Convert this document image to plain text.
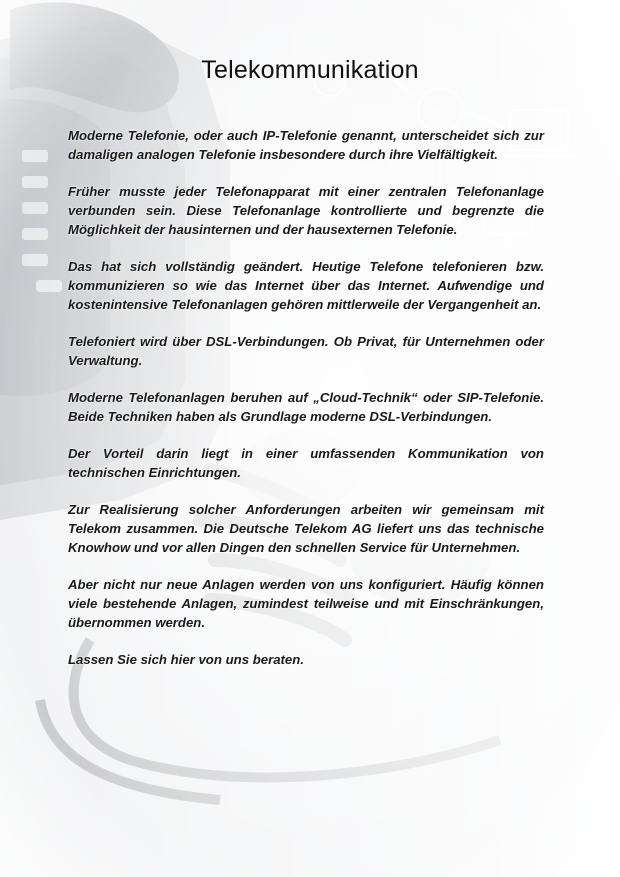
Telekommunikation

Moderne Telefonie, oder auch IP-Telefonie genannt, unterscheidet sich zur damaligen analogen Telefonie insbesondere durch ihre Vielfältigkeit.

Früher musste jeder Telefonapparat mit einer zentralen Telefonanlage verbunden sein. Diese Telefonanlage kontrollierte und begrenzte die Möglichkeit der hausinternen und der hausexternen Telefonie.

Das hat sich vollständig geändert. Heutige Telefone telefonieren bzw. kommunizieren so wie das Internet über das Internet. Aufwendige und kostenintensive Telefonanlagen gehören mittlerweile der Vergangenheit an.

Telefoniert wird über DSL-Verbindungen. Ob Privat, für Unternehmen oder Verwaltung.

Moderne Telefonanlagen beruhen auf „Cloud-Technik“ oder SIP-Telefonie. Beide Techniken haben als Grundlage moderne DSL-Verbindungen.

Der Vorteil darin liegt in einer umfassenden Kommunikation von technischen Einrichtungen.

Zur Realisierung solcher Anforderungen arbeiten wir gemeinsam mit Telekom zusammen. Die Deutsche Telekom AG liefert uns das technische Knowhow und vor allen Dingen den schnellen Service für Unternehmen.

Aber nicht nur neue Anlagen werden von uns konfiguriert. Häufig können viele bestehende Anlagen, zumindest teilweise und mit Einschränkungen, übernommen werden.

Lassen Sie sich hier von uns beraten.
